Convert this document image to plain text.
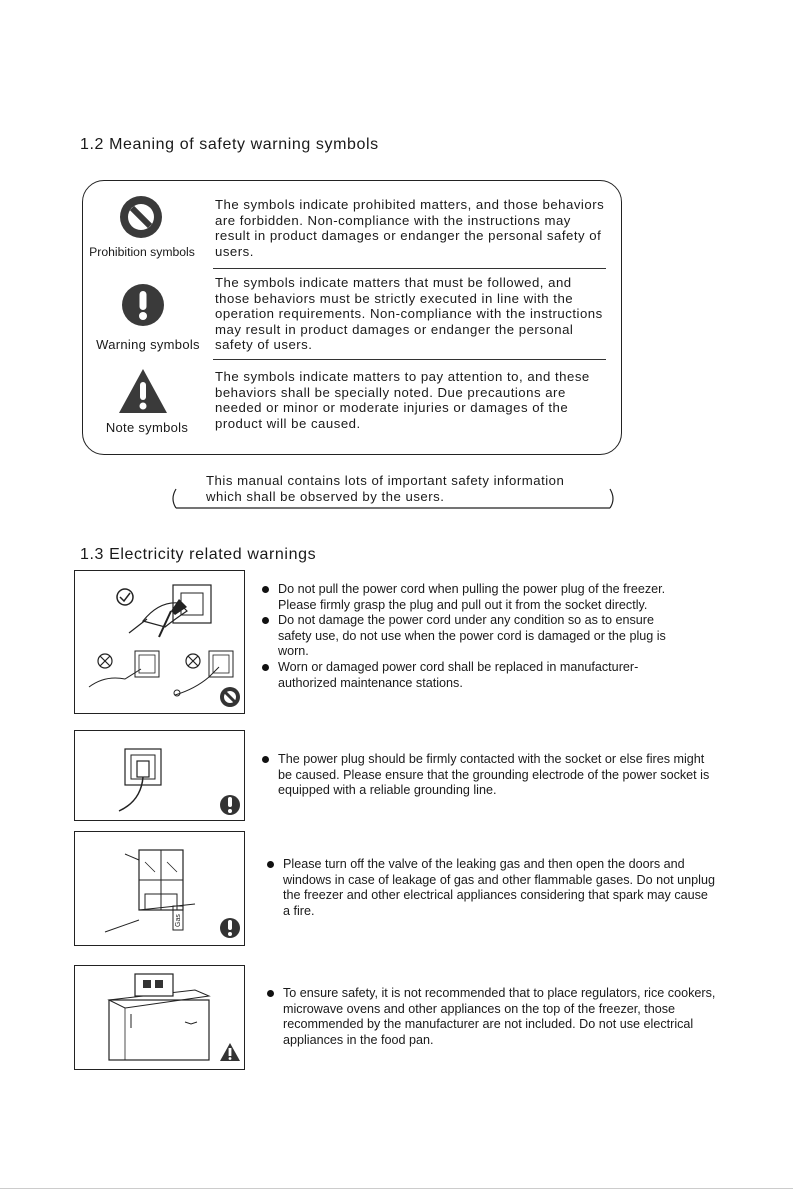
1.2 Meaning of safety warning symbols
Prohibition symbols
The symbols indicate prohibited matters, and those behaviors are forbidden. Non-compliance with the instructions may result in product damages or endanger the personal safety of users.
Warning symbols
The symbols indicate matters that must be followed, and those behaviors must be strictly executed in line with the operation requirements. Non-compliance with the instructions may result in product damages or endanger the personal safety of users.
Note symbols
The symbols indicate matters to pay attention to, and these behaviors shall be specially noted. Due precautions are needed or minor or moderate injuries or damages of the product will be caused.
This manual contains lots of important safety information
which shall be observed by the users.
1.3 Electricity related warnings
Do not pull the power cord when pulling the power plug of the freezer. Please firmly grasp the plug and pull out it from the socket directly.
Do not damage the power cord under any condition so as to ensure safety use, do not use when the power cord is damaged or the plug is worn.
Worn or damaged power cord shall be replaced in manufacturer-authorized maintenance stations.
The power plug should be firmly contacted with the socket or else fires might be caused. Please ensure that the grounding electrode of the power socket is equipped with a reliable grounding line.
Gas
Please turn off the valve of the leaking gas and then open the doors and windows in case of leakage of gas and other flammable gases. Do not unplug the freezer and other electrical appliances considering that spark may cause a fire.
To ensure safety, it is not recommended that to place regulators, rice cookers, microwave ovens and other appliances on the top of the freezer, those recommended by the manufacturer are not included. Do not use electrical appliances in the food pan.
